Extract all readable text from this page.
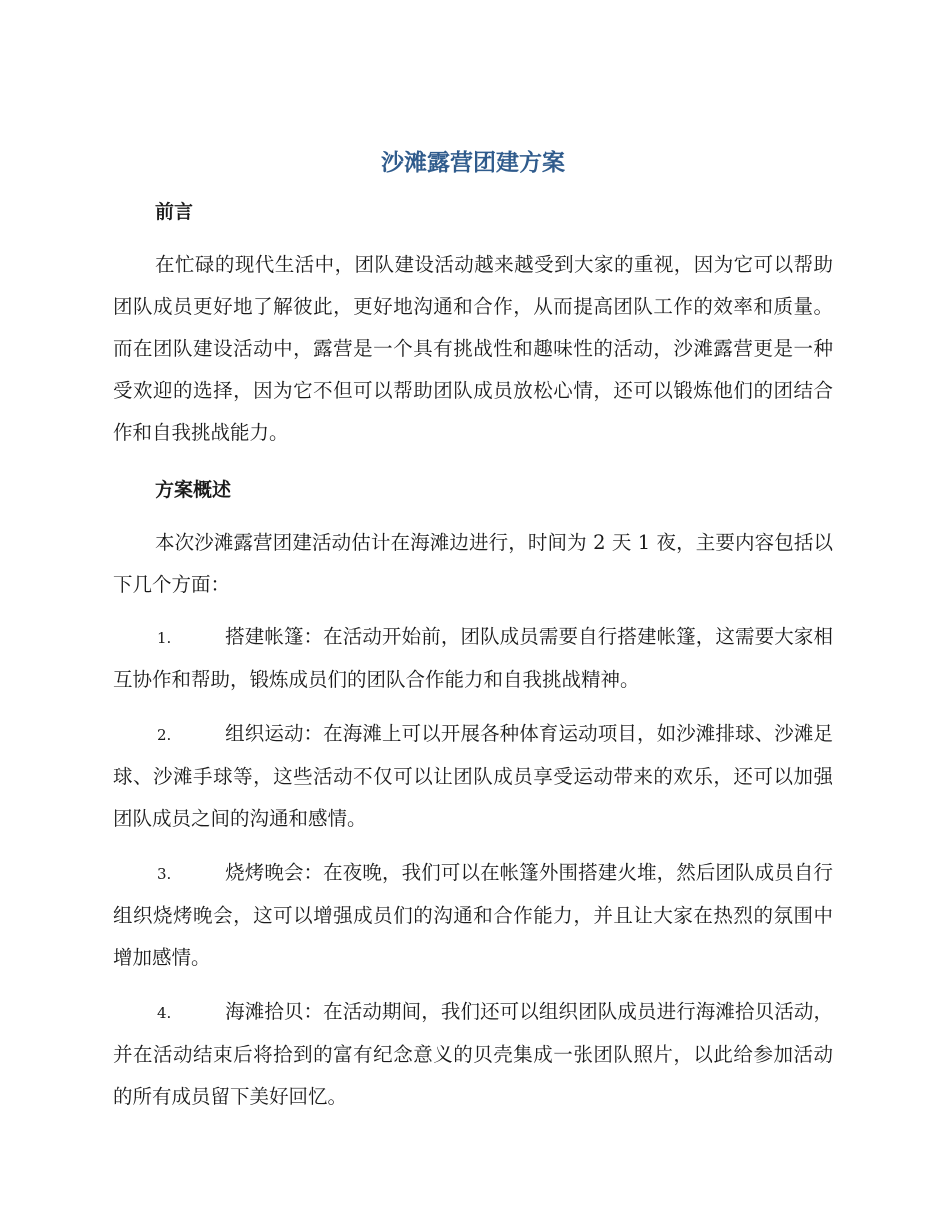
沙滩露营团建方案
前言

在忙碌的现代生活中，团队建设活动越来越受到大家的重视，因为它可以帮助团队成员更好地了解彼此，更好地沟通和合作，从而提高团队工作的效率和质量。而在团队建设活动中，露营是一个具有挑战性和趣味性的活动，沙滩露营更是一种受欢迎的选择，因为它不但可以帮助团队成员放松心情，还可以锻炼他们的团结合作和自我挑战能力。

方案概述

本次沙滩露营团建活动估计在海滩边进行，时间为 2 天 1 夜，主要内容包括以下几个方面：

1.	搭建帐篷：在活动开始前，团队成员需要自行搭建帐篷，这需要大家相互协作和帮助，锻炼成员们的团队合作能力和自我挑战精神。
2.	组织运动：在海滩上可以开展各种体育运动项目，如沙滩排球、沙滩足球、沙滩手球等，这些活动不仅可以让团队成员享受运动带来的欢乐，还可以加强团队成员之间的沟通和感情。
3.	烧烤晚会：在夜晚，我们可以在帐篷外围搭建火堆，然后团队成员自行组织烧烤晚会，这可以增强成员们的沟通和合作能力，并且让大家在热烈的氛围中增加感情。
4.	海滩拾贝：在活动期间，我们还可以组织团队成员进行海滩拾贝活动，并在活动结束后将拾到的富有纪念意义的贝壳集成一张团队照片，以此给参加活动的所有成员留下美好回忆。
